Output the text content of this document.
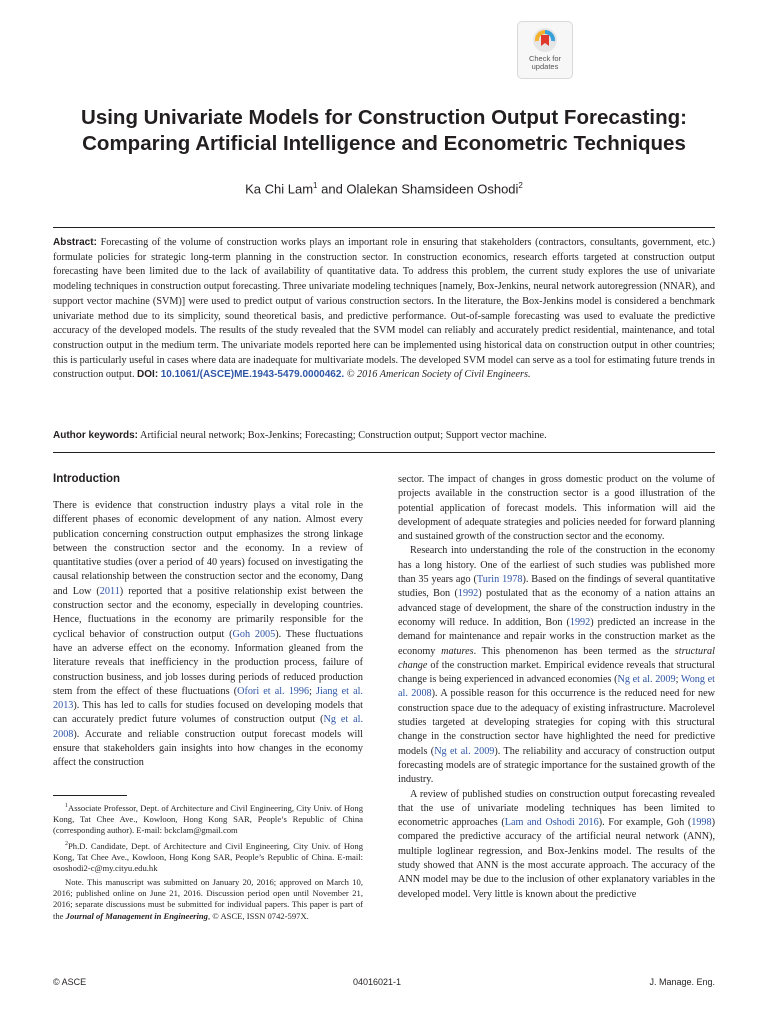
Check for
updates
Using Univariate Models for Construction Output Forecasting: Comparing Artificial Intelligence and Econometric Techniques
Ka Chi Lam$^1$ and Olalekan Shamsideen Oshodi$^2$

Abstract: Forecasting of the volume of construction works plays an important role in ensuring that stakeholders (contractors, consultants, government, etc.) formulate policies for strategic long-term planning in the construction sector. In construction economics, research efforts targeted at construction output forecasting have been limited due to the lack of availability of quantitative data. To address this problem, the current study explores the use of univariate modeling techniques in construction output forecasting. Three univariate modeling techniques [namely, Box-Jenkins, neural network autoregression (NNAR), and support vector machine (SVM)] were used to predict output of various construction sectors. In the literature, the Box-Jenkins model is considered a benchmark univariate method due to its simplicity, sound theoretical basis, and predictive performance. Out-of-sample forecasting was used to evaluate the predictive accuracy of the developed models. The results of the study revealed that the SVM model can reliably and accurately predict residential, maintenance, and total construction output in the medium term. The univariate models reported here can be implemented using historical data on construction output in other countries; this is particularly useful in cases where data are inadequate for multivariate models. The developed SVM model can serve as a tool for estimating future trends in construction output. DOI: 10.1061/(ASCE)ME.1943-5479.0000462. © 2016 American Society of Civil Engineers.

Author keywords: Artificial neural network; Box-Jenkins; Forecasting; Construction output; Support vector machine.

Introduction

There is evidence that construction industry plays a vital role in the different phases of economic development of any nation. Almost every publication concerning construction output emphasizes the strong linkage between the construction sector and the economy. In a review of quantitative studies (over a period of 40 years) focused on investigating the causal relationship between the construction sector and the economy, Dang and Low (2011) reported that a positive relationship exist between the construction sector and the economy, especially in developing countries. Hence, fluctuations in the economy are primarily responsible for the cyclical behavior of construction output (Goh 2005). These fluctuations have an adverse effect on the economy. Information gleaned from the literature reveals that inefficiency in the production process, failure of construction business, and job losses during periods of reduced production stem from the effect of these fluctuations (Ofori et al. 1996; Jiang et al. 2013). This has led to calls for studies focused on developing models that can accurately predict future volumes of construction output (Ng et al. 2008). Accurate and reliable construction output forecast models will ensure that stakeholders gain insights into how changes in the economy affect the construction

$^1$Associate Professor, Dept. of Architecture and Civil Engineering, City Univ. of Hong Kong, Tat Chee Ave., Kowloon, Hong Kong SAR, People’s Republic of China (corresponding author). E-mail: bckclam@gmail.com

$^2$Ph.D. Candidate, Dept. of Architecture and Civil Engineering, City Univ. of Hong Kong, Tat Chee Ave., Kowloon, Hong Kong SAR, People’s Republic of China. E-mail: ososhodi2-c@my.cityu.edu.hk

Note. This manuscript was submitted on January 20, 2016; approved on March 10, 2016; published online on June 21, 2016. Discussion period open until November 21, 2016; separate discussions must be submitted for individual papers. This paper is part of the Journal of Management in Engineering, © ASCE, ISSN 0742-597X.

sector. The impact of changes in gross domestic product on the volume of projects available in the construction sector is a good illustration of the potential application of forecast models. This information will aid the development of adequate strategies and policies needed for forward planning and sustained growth of the construction sector and the economy.

Research into understanding the role of the construction in the economy has a long history. One of the earliest of such studies was published more than 35 years ago (Turin 1978). Based on the findings of several quantitative studies, Bon (1992) postulated that as the economy of a nation attains an advanced stage of development, the share of the construction industry in the economy will reduce. In addition, Bon (1992) predicted an increase in the demand for maintenance and repair works in the construction market as the economy matures. This phenomenon has been termed as the structural change of the construction market. Empirical evidence reveals that structural change is being experienced in advanced economies (Ng et al. 2009; Wong et al. 2008). A possible reason for this occurrence is the reduced need for new construction space due to the adequacy of existing infrastructure. Macrolevel studies targeted at developing strategies for coping with this structural change in the construction sector have highlighted the need for predictive models (Ng et al. 2009). The reliability and accuracy of construction output forecasting models are of strategic importance for the sustained growth of the industry.

A review of published studies on construction output forecasting revealed that the use of univariate modeling techniques has been limited to econometric approaches (Lam and Oshodi 2016). For example, Goh (1998) compared the predictive accuracy of the artificial neural network (ANN), multiple loglinear regression, and Box-Jenkins model. The results of the study showed that ANN is the most accurate approach. The accuracy of the ANN model may be due to the inclusion of other explanatory variables in the developed model. Very little is known about the predictive

© ASCE	04016021-1	J. Manage. Eng.
